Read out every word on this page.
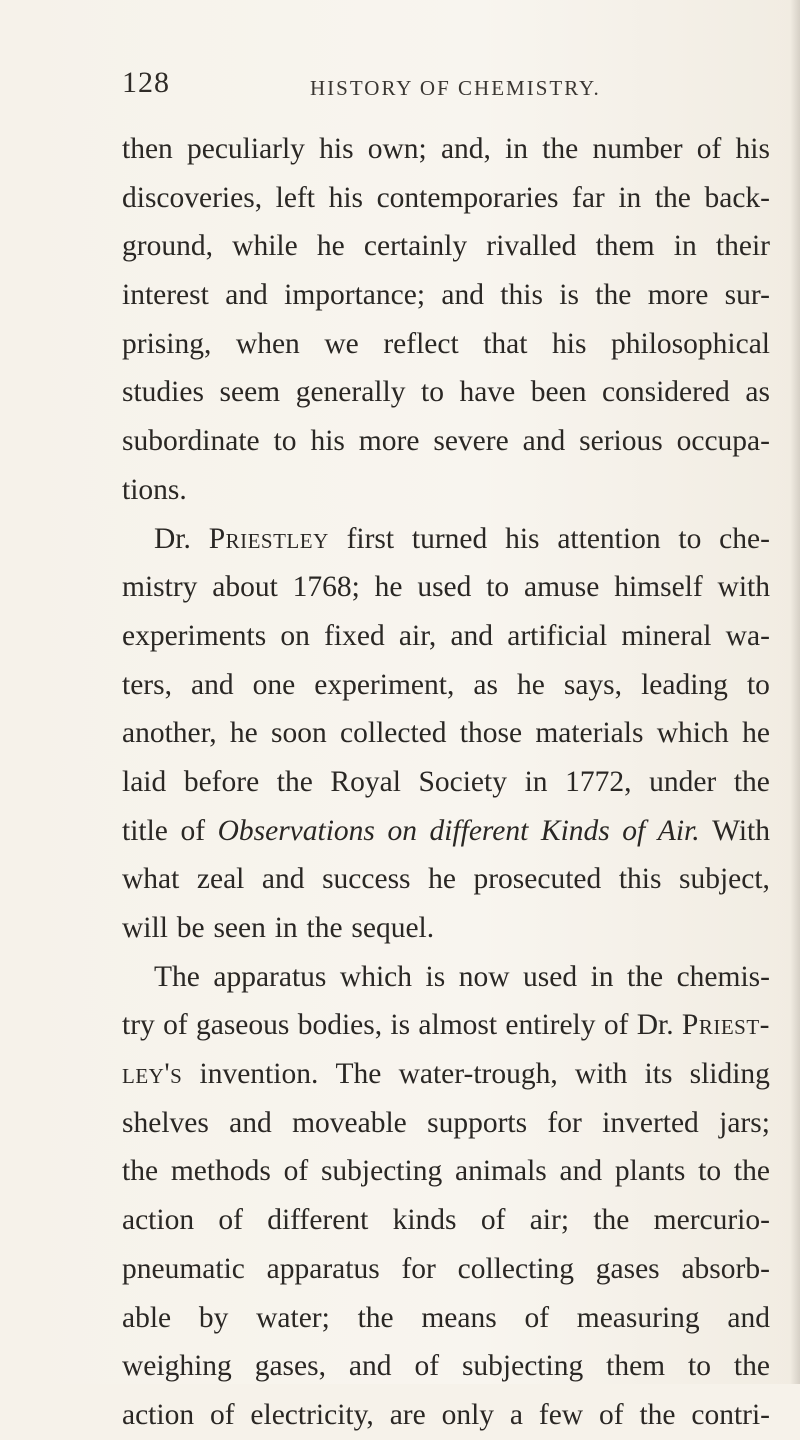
128	HISTORY OF CHEMISTRY.
then peculiarly his own; and, in the number of his
discoveries, left his contemporaries far in the back-
ground, while he certainly rivalled them in their
interest and importance; and this is the more sur-
prising, when we reflect that his philosophical
studies seem generally to have been considered as
subordinate to his more severe and serious occupa-
tions.
Dr. Priestley first turned his attention to che-
mistry about 1768; he used to amuse himself with
experiments on fixed air, and artificial mineral wa-
ters, and one experiment, as he says, leading to
another, he soon collected those materials which he
laid before the Royal Society in 1772, under the
title of Observations on different Kinds of Air. With
what zeal and success he prosecuted this subject,
will be seen in the sequel.
The apparatus which is now used in the chemis-
try of gaseous bodies, is almost entirely of Dr. Priest-
ley's invention. The water-trough, with its sliding
shelves and moveable supports for inverted jars;
the methods of subjecting animals and plants to the
action of different kinds of air; the mercurio-
pneumatic apparatus for collecting gases absorb-
able by water; the means of measuring and
weighing gases, and of subjecting them to the
action of electricity, are only a few of the contri-
